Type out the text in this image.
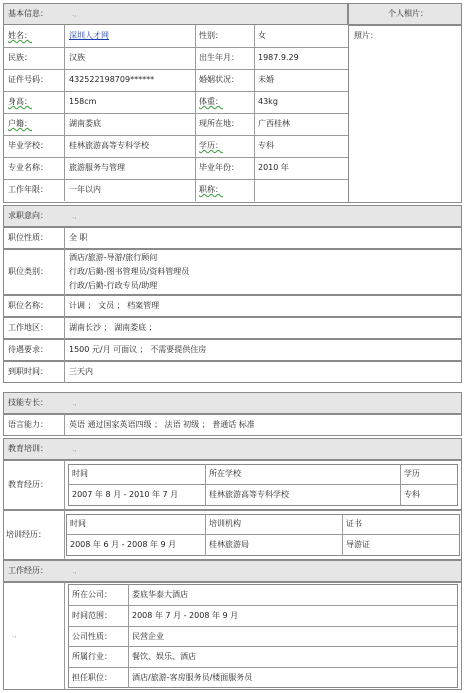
基本信息：	.,	个人相片：
照片：
求职意向：	.,
技能专长：	.,
语言能力：	英语 通过国家英语四级 ； 法语 初级 ； 普通话 标准
教育培训：	.,
教育经历：
时间	所在学校	学历
2007 年 8 月 - 2010 年 7 月	桂林旅游高等专科学校	专科
培训经历：
时间	培训机构	证书
2008 年 6 月 - 2008 年 9 月	桂林旅游局	导游证
工作经历：	.,
.,
姓名：	深圳人才网	性别：	女
民族：	汉族	出生年月： 1987.9.29
证件号码：	432522198709******	婚姻状况： 未婚
身高：	158cm	体重：	43kg
户籍：	湖南娄底	现所在地： 广西桂林
毕业学校：	桂林旅游高等专科学校	学历：	专科
专业名称：	旅游服务与管理	毕业年份： 2010 年
工作年限：	一年以内	职称：
职位性质：	全 职
职位类别：
酒店/旅游-导游/旅行顾问
行政/后勤-图书管理员/资料管理员
行政/后勤-行政专员/助理
职位名称：	计调 ； 文员 ； 档案管理
工作地区：	湖南长沙 ； 湖南娄底 ；
待遇要求：	1500 元/月 可面议 ； 不需要提供住房
到职时间：	三天内
所在公司：	娄底华泰大酒店
时间范围：	2008 年 7 月 - 2008 年 9 月
公司性质：	民营企业
所属行业：	餐饮、娱乐、酒店
担任职位：	酒店/旅游-客房服务员/楼面服务员
